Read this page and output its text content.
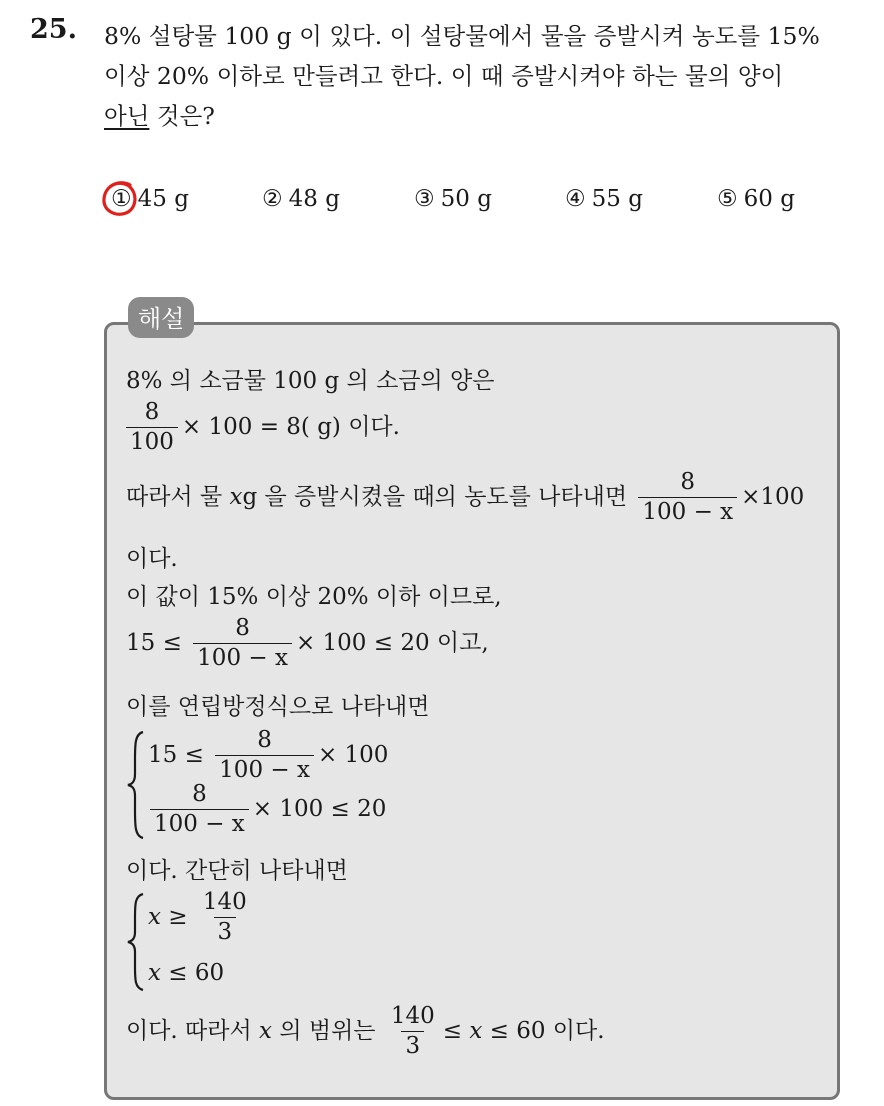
25. 8% 설탕물 100 g 이 있다. 이 설탕물에서 물을 증발시켜 농도를 15%
이상 20% 이하로 만들려고 한다. 이 때 증발시켜야 하는 물의 양이
아닌 것은?
① 45 g	② 48 g	③ 50 g	④ 55 g	⑤ 60 g
해설
8% 의 소금물 100 g 의 소금의 양은
$\frac{8}{100} \times 100 = 8$( g) 이다.
따라서 물 xg 을 증발시켰을 때의 농도를 나타내면 $\frac{8}{100 - x} \times 100$
이다.
이 값이 15% 이상 20% 이하 이므로,
$15 \le \frac{8}{100 - x} \times 100 \le 20$ 이고,
이를 연립방정식으로 나타내면
$15 \le \frac{8}{100 - x} \times 100$
$\frac{8}{100 - x} \times 100 \le 20$
이다. 간단히 나타내면
$x \ge \frac{140}{3}$
x ≤ 60
이다. 따라서 x 의 범위는 $\frac{140}{3} \le x \le 60$ 이다.
